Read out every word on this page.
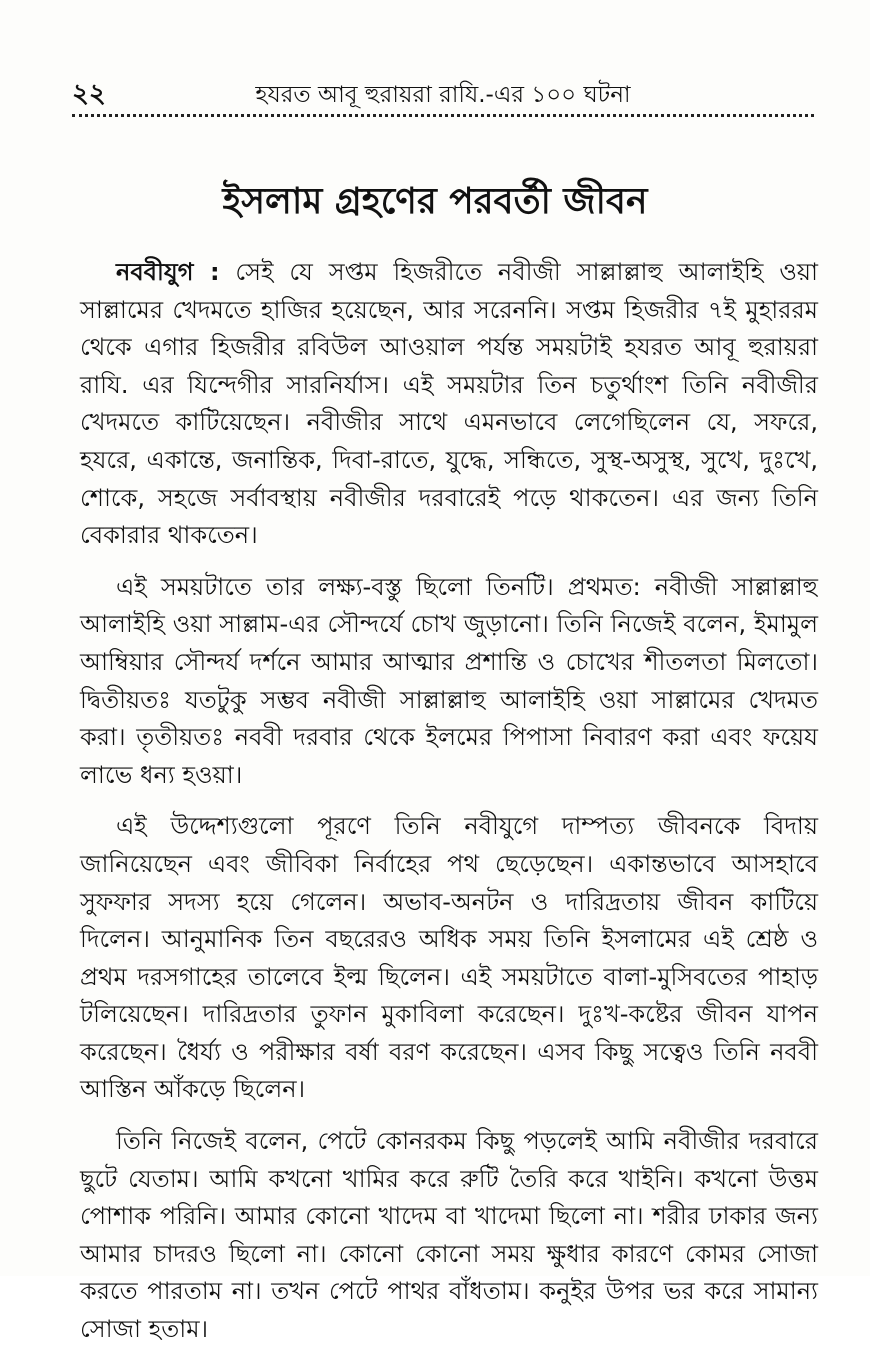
২২	হযরত আবূ হুরায়রা রাযি.-এর ১০০ ঘটনা
ইসলাম গ্রহণের পরবর্তী জীবন

নববীযুগ : সেই যে সপ্তম হিজরীতে নবীজী সাল্লাল্লাহু আলাইহি ওয়া সাল্লামের খেদমতে হাজির হয়েছেন, আর সরেননি। সপ্তম হিজরীর ৭ই মুহাররম থেকে এগার হিজরীর রবিউল আওয়াল পর্যন্ত সময়টাই হযরত আবূ হুরায়রা রাযি. এর যিন্দেগীর সারনির্যাস। এই সময়টার তিন চতুর্থাংশ তিনি নবীজীর খেদমতে কাটিয়েছেন। নবীজীর সাথে এমনভাবে লেগেছিলেন যে, সফরে, হযরে, একান্তে, জনান্তিক, দিবা-রাতে, যুদ্ধে, সন্ধিতে, সুস্থ-অসুস্থ, সুখে, দুঃখে, শোকে, সহজে সর্বাবস্থায় নবীজীর দরবারেই পড়ে থাকতেন। এর জন্য তিনি বেকারার থাকতেন।

এই সময়টাতে তার লক্ষ্য-বস্তু ছিলো তিনটি। প্রথমত: নবীজী সাল্লাল্লাহু আলাইহি ওয়া সাল্লাম-এর সৌন্দর্যে চোখ জুড়ানো। তিনি নিজেই বলেন, ইমামুল আম্বিয়ার সৌন্দর্য দর্শনে আমার আত্মার প্রশান্তি ও চোখের শীতলতা মিলতো। দ্বিতীয়তঃ যতটুকু সম্ভব নবীজী সাল্লাল্লাহু আলাইহি ওয়া সাল্লামের খেদমত করা। তৃতীয়তঃ নববী দরবার থেকে ইলমের পিপাসা নিবারণ করা এবং ফয়েয লাভে ধন্য হওয়া।

এই উদ্দেশ্যগুলো পূরণে তিনি নবীযুগে দাম্পত্য জীবনকে বিদায় জানিয়েছেন এবং জীবিকা নির্বাহের পথ ছেড়েছেন। একান্তভাবে আসহাবে সুফফার সদস্য হয়ে গেলেন। অভাব-অনটন ও দারিদ্রতায় জীবন কাটিয়ে দিলেন। আনুমানিক তিন বছরেরও অধিক সময় তিনি ইসলামের এই শ্রেষ্ঠ ও প্রথম দরসগাহের তালেবে ইল্ম ছিলেন। এই সময়টাতে বালা-মুসিবতের পাহাড় টলিয়েছেন। দারিদ্রতার তুফান মুকাবিলা করেছেন। দুঃখ-কষ্টের জীবন যাপন করেছেন। ধৈর্য্য ও পরীক্ষার বর্ষা বরণ করেছেন। এসব কিছু সত্বেও তিনি নববী আস্তিন আঁকড়ে ছিলেন।

তিনি নিজেই বলেন, পেটে কোনরকম কিছু পড়লেই আমি নবীজীর দরবারে ছুটে যেতাম। আমি কখনো খামির করে রুটি তৈরি করে খাইনি। কখনো উত্তম পোশাক পরিনি। আমার কোনো খাদেম বা খাদেমা ছিলো না। শরীর ঢাকার জন্য আমার চাদরও ছিলো না। কোনো কোনো সময় ক্ষুধার কারণে কোমর সোজা করতে পারতাম না। তখন পেটে পাথর বাঁধতাম। কনুইর উপর ভর করে সামান্য সোজা হতাম।
